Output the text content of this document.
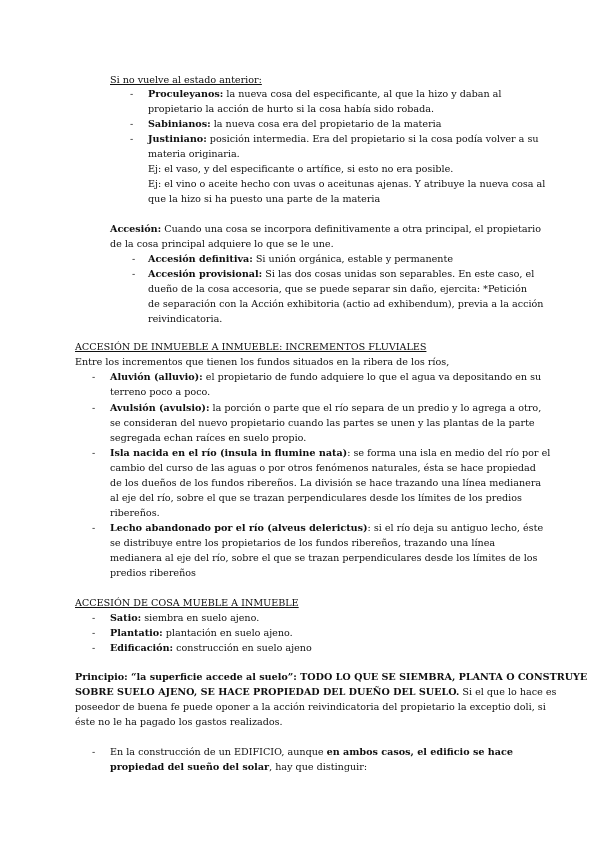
Si no vuelve al estado anterior:
-	Proculeyanos: la nueva cosa del especificante, al que la hizo y daban al
propietario la acción de hurto si la cosa había sido robada.
-	Sabinianos: la nueva cosa era del propietario de la materia
-	Justiniano: posición intermedia. Era del propietario si la cosa podía volver a su
materia originaria.
Ej: el vaso, y del especificante o artífice, si esto no era posible.
Ej: el vino o aceite hecho con uvas o aceitunas ajenas. Y atribuye la nueva cosa al
que la hizo si ha puesto una parte de la materia
Accesión: Cuando una cosa se incorpora definitivamente a otra principal, el propietario
de la cosa principal adquiere lo que se le une.
-	Accesión definitiva: Si unión orgánica, estable y permanente
-	Accesión provisional: Si las dos cosas unidas son separables. En este caso, el
dueño de la cosa accesoria, que se puede separar sin daño, ejercita: *Petición
de separación con la Acción exhibitoria (actio ad exhibendum), previa a la acción
reivindicatoria.
ACCESIÓN DE INMUEBLE A INMUEBLE: INCREMENTOS FLUVIALES
Entre los incrementos que tienen los fundos situados en la ribera de los ríos,
-	Aluvión (alluvio): el propietario de fundo adquiere lo que el agua va depositando en su
terreno poco a poco.
-	Avulsión (avulsio): la porción o parte que el río separa de un predio y lo agrega a otro,
se consideran del nuevo propietario cuando las partes se unen y las plantas de la parte
segregada echan raíces en suelo propio.
-	Isla nacida en el río (insula in flumine nata): se forma una isla en medio del río por el
cambio del curso de las aguas o por otros fenómenos naturales, ésta se hace propiedad
de los dueños de los fundos ribereños. La división se hace trazando una línea medianera
al eje del río, sobre el que se trazan perpendiculares desde los límites de los predios
ribereños.
-	Lecho abandonado por el río (alveus delerictus): si el río deja su antiguo lecho, éste
se distribuye entre los propietarios de los fundos ribereños, trazando una línea
medianera al eje del río, sobre el que se trazan perpendiculares desde los límites de los
predios ribereños
ACCESIÓN DE COSA MUEBLE A INMUEBLE
-	Satio: siembra en suelo ajeno.
-	Plantatio: plantación en suelo ajeno.
-	Edificación: construcción en suelo ajeno
Principio: “la superficie accede al suelo”: TODO LO QUE SE SIEMBRA, PLANTA O CONSTRUYE
SOBRE SUELO AJENO, SE HACE PROPIEDAD DEL DUEÑO DEL SUELO. Si el que lo hace es
poseedor de buena fe puede oponer a la acción reivindicatoria del propietario la exceptio doli, si
éste no le ha pagado los gastos realizados.
-	En la construcción de un EDIFICIO, aunque en ambos casos, el edificio se hace
propiedad del sueño del solar, hay que distinguir:
